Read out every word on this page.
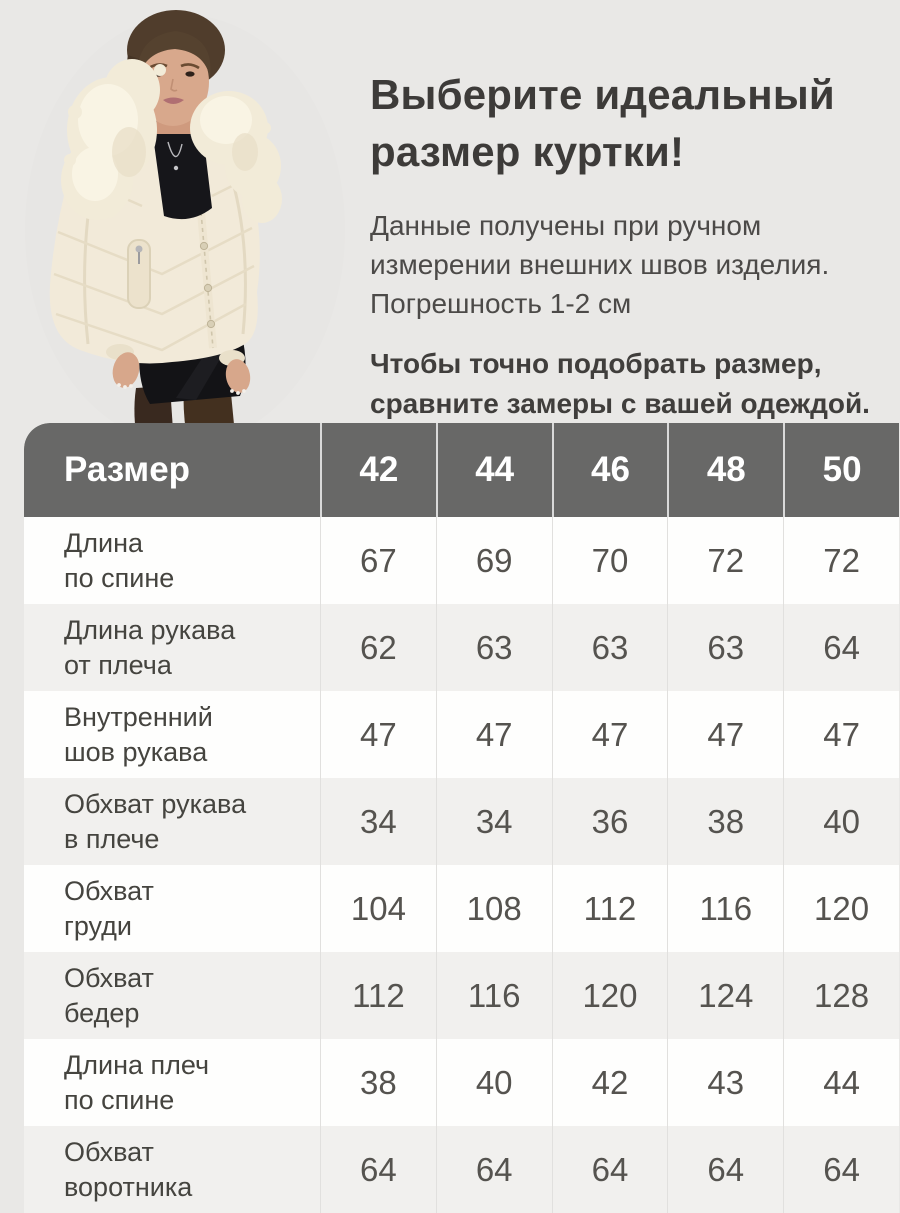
Выберите идеальный
размер куртки!

Данные получены при ручном
измерении внешних швов изделия.
Погрешность 1-2 см

Чтобы точно подобрать размер,
сравните замеры с вашей одеждой.

Размер	42	44	46	48	50
Длина
по спине	67	69	70	72	72
Длина рукава
от плеча	62	63	63	63	64
Внутренний
шов рукава	47	47	47	47	47
Обхват рукава
в плече	34	34	36	38	40
Обхват
груди	104	108	112	116	120
Обхват
бедер	112	116	120	124	128
Длина плеч
по спине	38	40	42	43	44
Обхват
воротника	64	64	64	64	64
